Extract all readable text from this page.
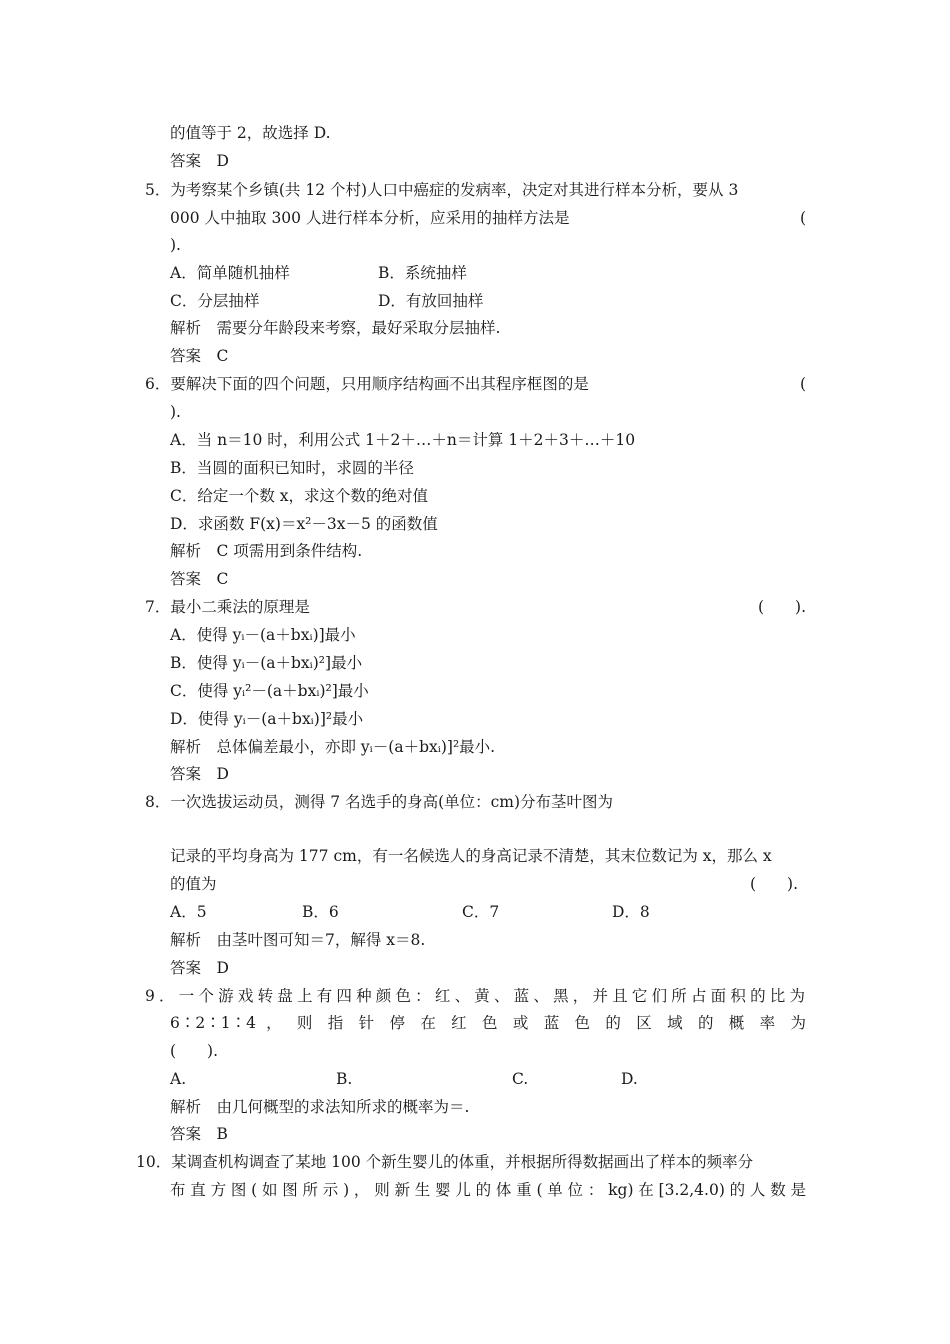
的值等于 2，故选择 D.
答案　D
5．为考察某个乡镇(共 12 个村)人口中癌症的发病率，决定对其进行样本分析，要从 3
000 人中抽取 300 人进行样本分析，应采用的抽样方法是	(
).
A．简单随机抽样	B．系统抽样
C．分层抽样	D．有放回抽样
解析　需要分年龄段来考察，最好采取分层抽样.
答案　C
6．要解决下面的四个问题，只用顺序结构画不出其程序框图的是	(
).
A．当 n＝10 时，利用公式 1＋2＋…＋n＝计算 1＋2＋3＋…＋10
B．当圆的面积已知时，求圆的半径
C．给定一个数 x，求这个数的绝对值
D．求函数 F(x)＝x²－3x－5 的函数值
解析　C 项需用到条件结构.
答案　C
7．最小二乘法的原理是	(　　).
A．使得 yᵢ－(a＋bxᵢ)]最小
B．使得 yᵢ－(a＋bxᵢ)²]最小
C．使得 yᵢ²－(a＋bxᵢ)²]最小
D．使得 yᵢ－(a＋bxᵢ)]²最小
解析　总体偏差最小，亦即 yᵢ－(a＋bxᵢ)]²最小.
答案　D
8．一次选拔运动员，测得 7 名选手的身高(单位：cm)分布茎叶图为
记录的平均身高为 177 cm，有一名候选人的身高记录不清楚，其末位数记为 x，那么 x
的值为	(　　).
A．5	B．6	C．7	D．8
解析　由茎叶图可知＝7，解得 x＝8.
答案　D
9．一个游戏转盘上有四种颜色：红、黄、蓝、黑，并且它们所占面积的比为
6∶2∶1∶4 ， 则 指 针 停 在 红 色 或 蓝 色 的 区 域 的 概 率 为
(　　).
A.	B.	C.	D.
解析　由几何概型的求法知所求的概率为＝.
答案　B
10．某调查机构调查了某地 100 个新生婴儿的体重，并根据所得数据画出了样本的频率分
布直方图(如图所示)，则新生婴儿的体重(单位：kg)在[3.2,4.0)的人数是
